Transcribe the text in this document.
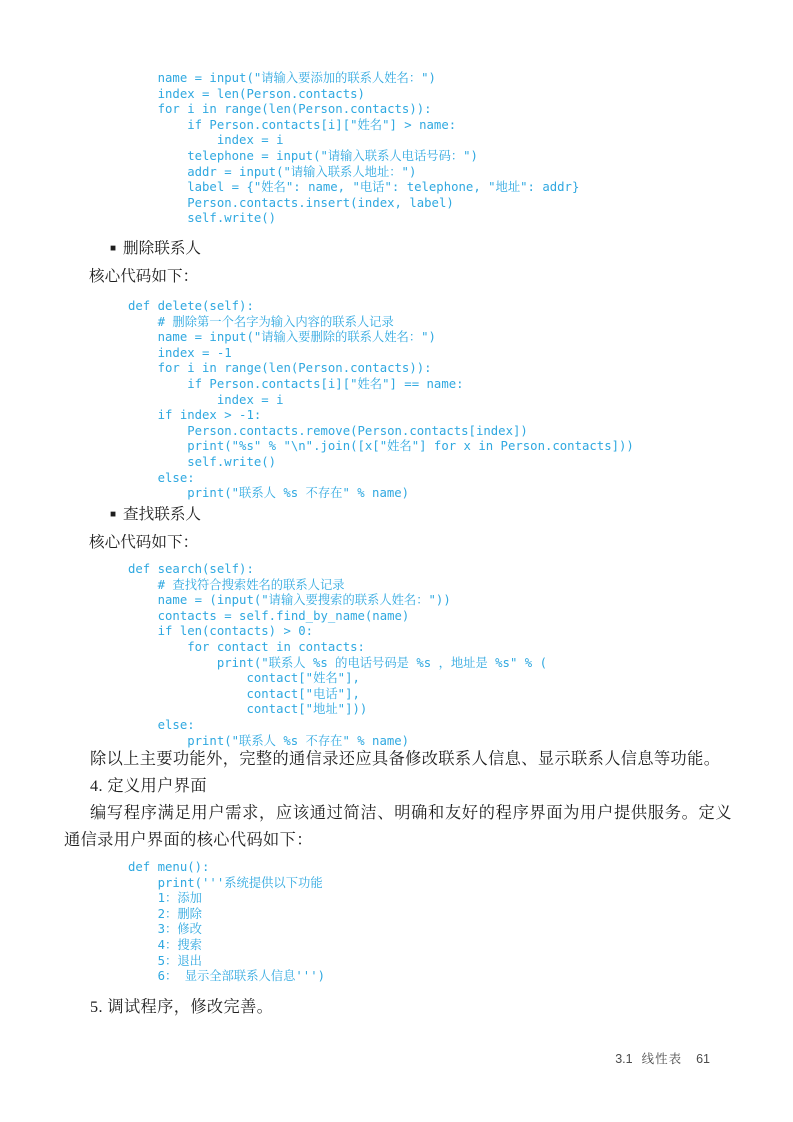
name = input("请输入要添加的联系人姓名：")
index = len(Person.contacts)
for i in range(len(Person.contacts)):
if Person.contacts[i]["姓名"] > name:
index = i
telephone = input("请输入联系人电话号码：")
addr = input("请输入联系人地址：")
label = {"姓名": name, "电话": telephone, "地址": addr}
Person.contacts.insert(index, label)
self.write()
■ 删除联系人
核心代码如下：
def delete(self):
# 删除第一个名字为输入内容的联系人记录
name = input("请输入要删除的联系人姓名：")
index = -1
for i in range(len(Person.contacts)):
if Person.contacts[i]["姓名"] == name:
index = i
if index > -1:
Person.contacts.remove(Person.contacts[index])
print("%s" % "\n".join([x["姓名"] for x in Person.contacts]))
self.write()
else:
print("联系人 %s 不存在" % name)
■ 查找联系人
核心代码如下：
def search(self):
# 查找符合搜索姓名的联系人记录
name = (input("请输入要搜索的联系人姓名："))
contacts = self.find_by_name(name)
if len(contacts) > 0:
for contact in contacts:
print("联系人 %s 的电话号码是 %s ，地址是 %s" % (
contact["姓名"],
contact["电话"],
contact["地址"]))
else:
print("联系人 %s 不存在" % name)

除以上主要功能外，完整的通信录还应具备修改联系人信息、显示联系人信息等功能。

4. 定义用户界面

编写程序满足用户需求，应该通过简洁、明确和友好的程序界面为用户提供服务。定义通信录用户界面的核心代码如下：

def menu():
print('''系统提供以下功能
1：添加
2：删除
3：修改
4：搜索
5：退出
6： 显示全部联系人信息''')

5. 调试程序，修改完善。

3.1 线性表 61
